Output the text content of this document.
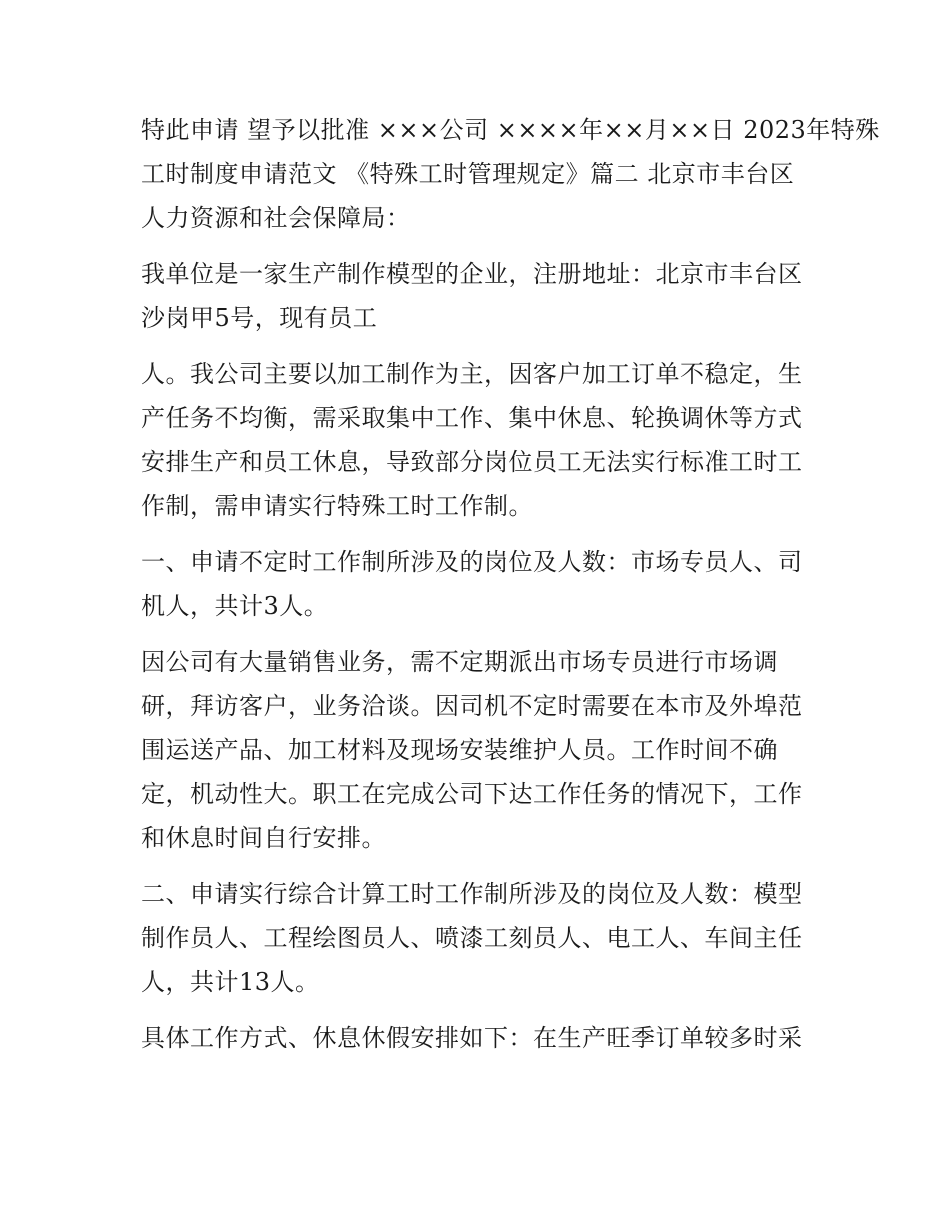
特此申请 望予以批准 ×××公司 ××××年××月××日 2023年特殊
工时制度申请范文 《特殊工时管理规定》篇二 北京市丰台区
人力资源和社会保障局：
我单位是一家生产制作模型的企业，注册地址：北京市丰台区
沙岗甲5号，现有员工
人。我公司主要以加工制作为主，因客户加工订单不稳定，生
产任务不均衡，需采取集中工作、集中休息、轮换调休等方式
安排生产和员工休息，导致部分岗位员工无法实行标准工时工
作制，需申请实行特殊工时工作制。
一、申请不定时工作制所涉及的岗位及人数：市场专员人、司
机人，共计3人。
因公司有大量销售业务，需不定期派出市场专员进行市场调
研，拜访客户，业务洽谈。因司机不定时需要在本市及外埠范
围运送产品、加工材料及现场安装维护人员。工作时间不确
定，机动性大。职工在完成公司下达工作任务的情况下，工作
和休息时间自行安排。
二、申请实行综合计算工时工作制所涉及的岗位及人数：模型
制作员人、工程绘图员人、喷漆工刻员人、电工人、车间主任
人，共计13人。
具体工作方式、休息休假安排如下：在生产旺季订单较多时采
